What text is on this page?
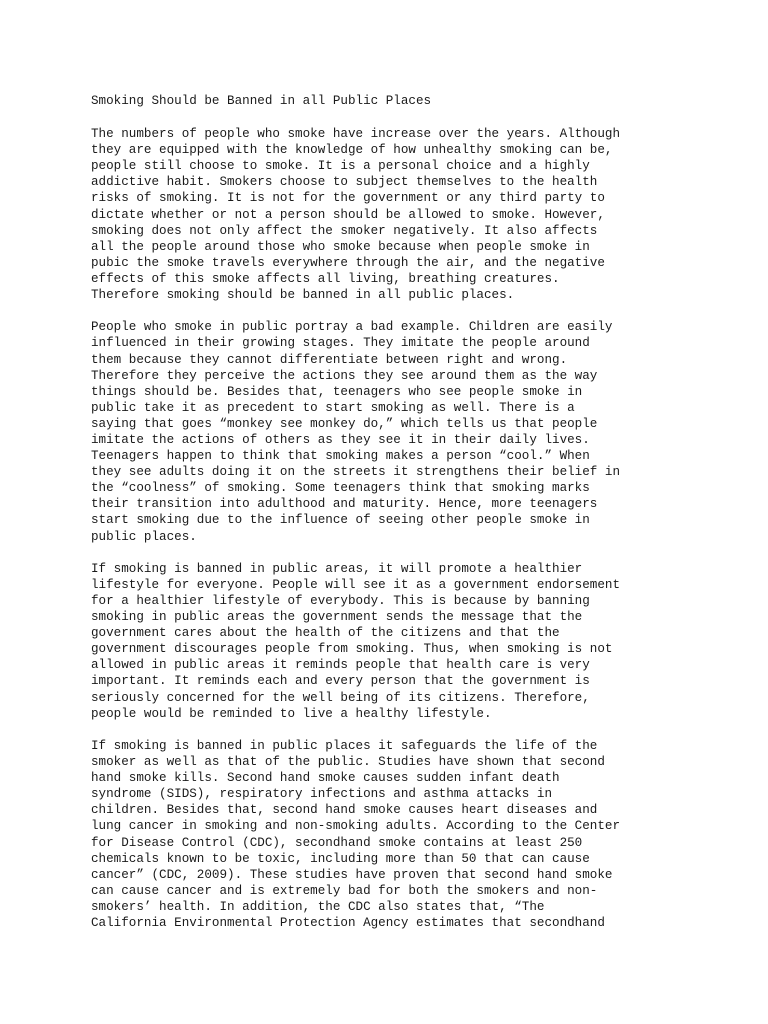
Smoking Should be Banned in all Public Places
The numbers of people who smoke have increase over the years. Although
they are equipped with the knowledge of how unhealthy smoking can be,
people still choose to smoke. It is a personal choice and a highly
addictive habit. Smokers choose to subject themselves to the health
risks of smoking. It is not for the government or any third party to
dictate whether or not a person should be allowed to smoke. However,
smoking does not only affect the smoker negatively. It also affects
all the people around those who smoke because when people smoke in
pubic the smoke travels everywhere through the air, and the negative
effects of this smoke affects all living, breathing creatures.
Therefore smoking should be banned in all public places.
People who smoke in public portray a bad example. Children are easily
influenced in their growing stages. They imitate the people around
them because they cannot differentiate between right and wrong.
Therefore they perceive the actions they see around them as the way
things should be. Besides that, teenagers who see people smoke in
public take it as precedent to start smoking as well. There is a
saying that goes “monkey see monkey do,” which tells us that people
imitate the actions of others as they see it in their daily lives.
Teenagers happen to think that smoking makes a person “cool.” When
they see adults doing it on the streets it strengthens their belief in
the “coolness” of smoking. Some teenagers think that smoking marks
their transition into adulthood and maturity. Hence, more teenagers
start smoking due to the influence of seeing other people smoke in
public places.
If smoking is banned in public areas, it will promote a healthier
lifestyle for everyone. People will see it as a government endorsement
for a healthier lifestyle of everybody. This is because by banning
smoking in public areas the government sends the message that the
government cares about the health of the citizens and that the
government discourages people from smoking. Thus, when smoking is not
allowed in public areas it reminds people that health care is very
important. It reminds each and every person that the government is
seriously concerned for the well being of its citizens. Therefore,
people would be reminded to live a healthy lifestyle.
If smoking is banned in public places it safeguards the life of the
smoker as well as that of the public. Studies have shown that second
hand smoke kills. Second hand smoke causes sudden infant death
syndrome (SIDS), respiratory infections and asthma attacks in
children. Besides that, second hand smoke causes heart diseases and
lung cancer in smoking and non-smoking adults. According to the Center
for Disease Control (CDC), secondhand smoke contains at least 250
chemicals known to be toxic, including more than 50 that can cause
cancer” (CDC, 2009). These studies have proven that second hand smoke
can cause cancer and is extremely bad for both the smokers and non-
smokers’ health. In addition, the CDC also states that, “The
California Environmental Protection Agency estimates that secondhand
